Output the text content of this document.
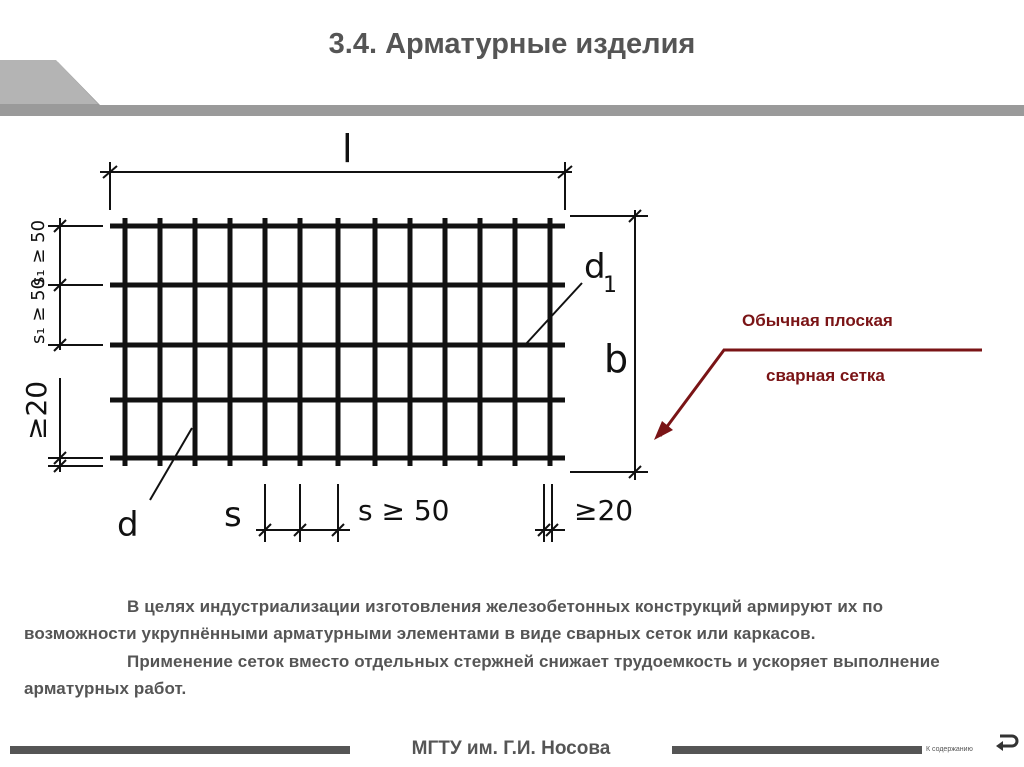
3.4. Арматурные изделия
l
b
d
d
1
s	s ≥ 50	≥20
≥20
s₁ ≥ 50
s₁ ≥ 50	Обычная плоская
сварная сетка
В целях индустриализации изготовления железобетонных конструкций армируют их по возможности укрупнёнными арматурными элементами в виде сварных сеток или каркасов.
Применение сеток вместо отдельных стержней снижает трудоемкость и ускоряет выполнение арматурных работ.
МГТУ им. Г.И. Носова	К содержанию
